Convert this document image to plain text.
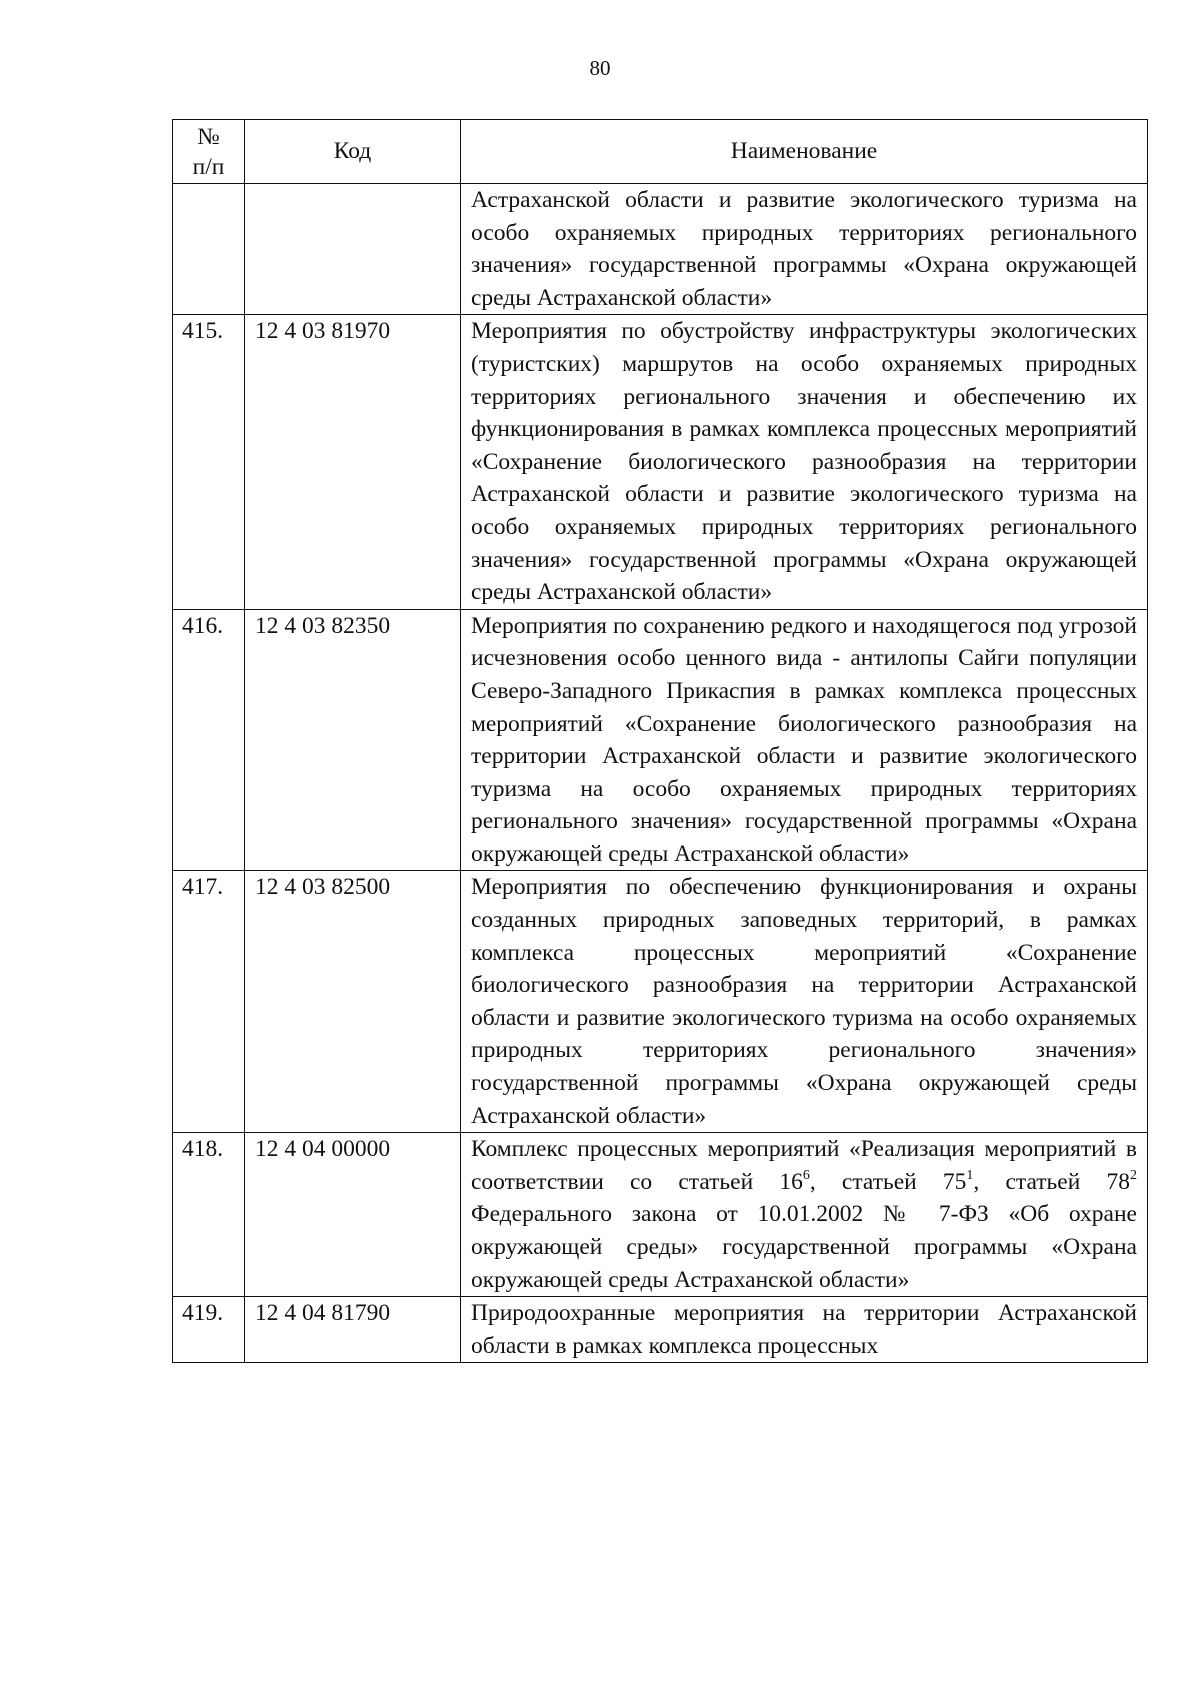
80
№
п/п	Код	Наименование
		Астраханской области и развитие экологического туризма на особо охраняемых природных территориях регионального значения» государственной программы «Охрана окружающей среды Астраханской области»
415.	12 4 03 81970	Мероприятия по обустройству инфраструктуры экологических (туристских) маршрутов на особо охраняемых природных территориях регионального значения и обеспечению их функционирования в рамках комплекса процессных мероприятий «Сохранение биологического разнообразия на территории Астраханской области и развитие экологического туризма на особо охраняемых природных территориях регионального значения» государственной программы «Охрана окружающей среды Астраханской области»
416.	12 4 03 82350	Мероприятия по сохранению редкого и находящегося под угрозой исчезновения особо ценного вида - антилопы Сайги популяции Северо-Западного Прикаспия в рамках комплекса процессных мероприятий «Сохранение биологического разнообразия на территории Астраханской области и развитие экологического туризма на особо охраняемых природных территориях регионального значения» государственной программы «Охрана окружающей среды Астраханской области»
417.	12 4 03 82500	Мероприятия по обеспечению функционирования и охраны созданных природных заповедных территорий, в рамках комплекса процессных мероприятий «Сохранение биологического разнообразия на территории Астраханской области и развитие экологического туризма на особо охраняемых природных территориях регионального значения» государственной программы «Охрана окружающей среды Астраханской области»
418.	12 4 04 00000	Комплекс процессных мероприятий «Реализация мероприятий в соответствии со статьей $16^6$, статьей $75^1$, статьей $78^2$ Федерального закона от 10.01.2002 № 7-ФЗ «Об охране окружающей среды» государственной программы «Охрана окружающей среды Астраханской области»
419.	12 4 04 81790	Природоохранные мероприятия на территории Астраханской области в рамках комплекса процессных
